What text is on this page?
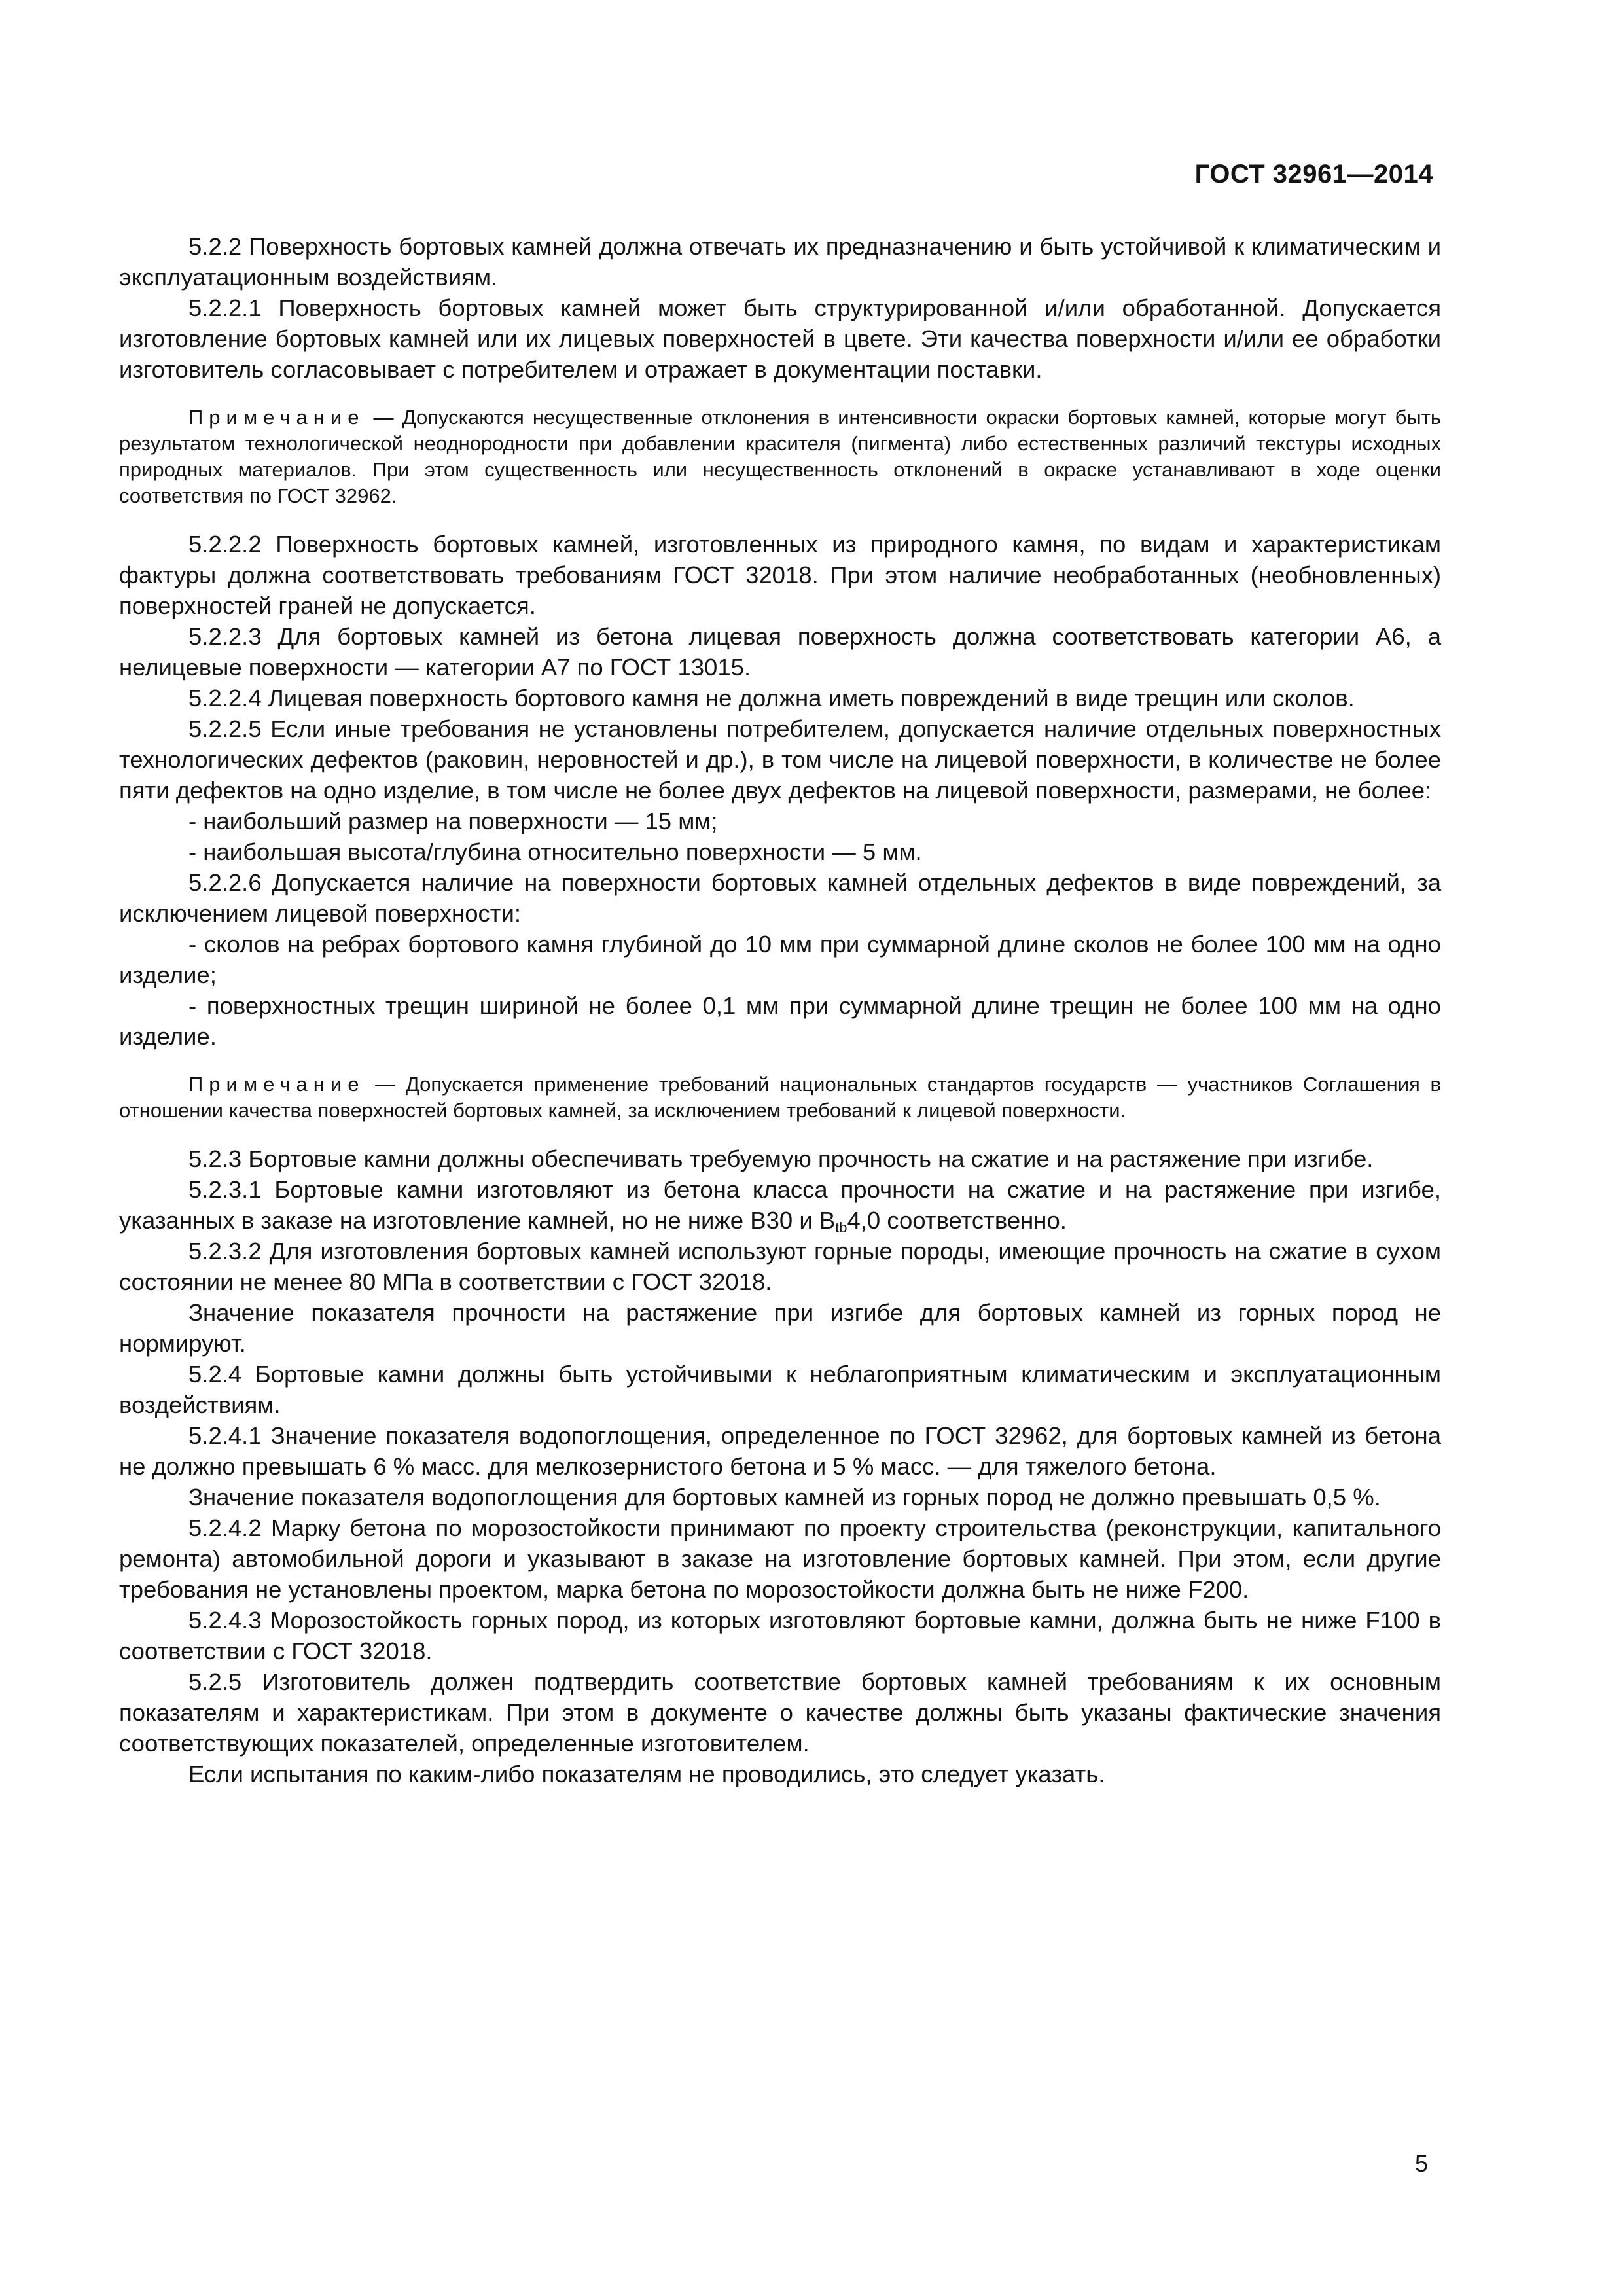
ГОСТ 32961—2014

5.2.2 Поверхность бортовых камней должна отвечать их предназначению и быть устойчивой к климатическим и эксплуатационным воздействиям.

5.2.2.1 Поверхность бортовых камней может быть структурированной и/или обработанной. Допускается изготовление бортовых камней или их лицевых поверхностей в цвете. Эти качества поверхности и/или ее обработки изготовитель согласовывает с потребителем и отражает в документации поставки.

Примечание — Допускаются несущественные отклонения в интенсивности окраски бортовых камней, которые могут быть результатом технологической неоднородности при добавлении красителя (пигмента) либо естественных различий текстуры исходных природных материалов. При этом существенность или несущественность отклонений в окраске устанавливают в ходе оценки соответствия по ГОСТ 32962.

5.2.2.2 Поверхность бортовых камней, изготовленных из природного камня, по видам и характеристикам фактуры должна соответствовать требованиям ГОСТ 32018. При этом наличие необработанных (необновленных) поверхностей граней не допускается.

5.2.2.3 Для бортовых камней из бетона лицевая поверхность должна соответствовать категории А6, а нелицевые поверхности — категории А7 по ГОСТ 13015.

5.2.2.4 Лицевая поверхность бортового камня не должна иметь повреждений в виде трещин или сколов.

5.2.2.5 Если иные требования не установлены потребителем, допускается наличие отдельных поверхностных технологических дефектов (раковин, неровностей и др.), в том числе на лицевой поверхности, в количестве не более пяти дефектов на одно изделие, в том числе не более двух дефектов на лицевой поверхности, размерами, не более:

- наибольший размер на поверхности — 15 мм;

- наибольшая высота/глубина относительно поверхности — 5 мм.

5.2.2.6 Допускается наличие на поверхности бортовых камней отдельных дефектов в виде повреждений, за исключением лицевой поверхности:

- сколов на ребрах бортового камня глубиной до 10 мм при суммарной длине сколов не более 100 мм на одно изделие;

- поверхностных трещин шириной не более 0,1 мм при суммарной длине трещин не более 100 мм на одно изделие.

Примечание — Допускается применение требований национальных стандартов государств — участников Соглашения в отношении качества поверхностей бортовых камней, за исключением требований к лицевой поверхности.

5.2.3 Бортовые камни должны обеспечивать требуемую прочность на сжатие и на растяжение при изгибе.

5.2.3.1 Бортовые камни изготовляют из бетона класса прочности на сжатие и на растяжение при изгибе, указанных в заказе на изготовление камней, но не ниже В30 и $В_{tb}4,0$ соответственно.

5.2.3.2 Для изготовления бортовых камней используют горные породы, имеющие прочность на сжатие в сухом состоянии не менее 80 МПа в соответствии с ГОСТ 32018.

Значение показателя прочности на растяжение при изгибе для бортовых камней из горных пород не нормируют.

5.2.4 Бортовые камни должны быть устойчивыми к неблагоприятным климатическим и эксплуатационным воздействиям.

5.2.4.1 Значение показателя водопоглощения, определенное по ГОСТ 32962, для бортовых камней из бетона не должно превышать 6 % масс. для мелкозернистого бетона и 5 % масс. — для тяжелого бетона.

Значение показателя водопоглощения для бортовых камней из горных пород не должно превышать 0,5 %.

5.2.4.2 Марку бетона по морозостойкости принимают по проекту строительства (реконструкции, капитального ремонта) автомобильной дороги и указывают в заказе на изготовление бортовых камней. При этом, если другие требования не установлены проектом, марка бетона по морозостойкости должна быть не ниже F200.

5.2.4.3 Морозостойкость горных пород, из которых изготовляют бортовые камни, должна быть не ниже F100 в соответствии с ГОСТ 32018.

5.2.5 Изготовитель должен подтвердить соответствие бортовых камней требованиям к их основным показателям и характеристикам. При этом в документе о качестве должны быть указаны фактические значения соответствующих показателей, определенные изготовителем.

Если испытания по каким-либо показателям не проводились, это следует указать.

5
